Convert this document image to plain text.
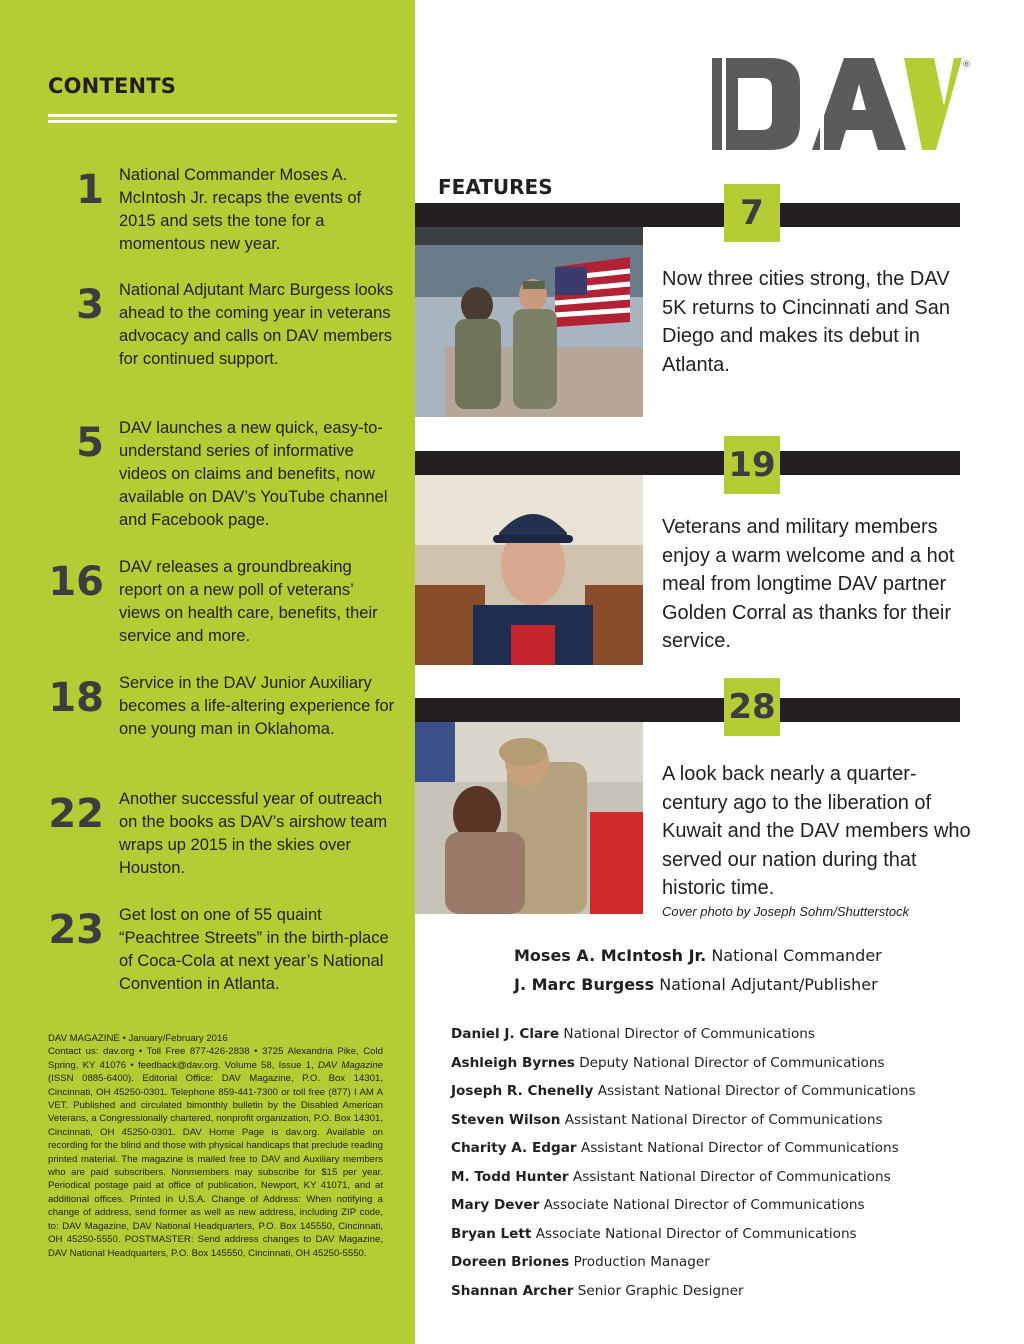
CONTENTS
1 National Commander Moses A. McIntosh Jr. recaps the events of 2015 and sets the tone for a momentous new year.
3 National Adjutant Marc Burgess looks ahead to the coming year in veterans advocacy and calls on DAV members for continued support.
5 DAV launches a new quick, easy-to-understand series of informative videos on claims and benefits, now available on DAV’s YouTube channel and Facebook page.
16 DAV releases a groundbreaking report on a new poll of veterans’ views on health care, benefits, their service and more.
18 Service in the DAV Junior Auxiliary becomes a life-altering experience for one young man in Oklahoma.
22 Another successful year of outreach on the books as DAV’s airshow team wraps up 2015 in the skies over Houston.
23 Get lost on one of 55 quaint “Peachtree Streets” in the birth-place of Coca-Cola at next year’s National Convention in Atlanta.
DAV MAGAZINE • January/February 2016
Contact us: dav.org • Toll Free 877-426-2838 • 3725 Alexandria Pike, Cold Spring, KY 41076 • feedback@dav.org. Volume 58, Issue 1, DAV Magazine (ISSN 0885-6400). Editorial Office: DAV Magazine, P.O. Box 14301, Cincinnati, OH 45250-0301. Telephone 859-441-7300 or toll free (877) I AM A VET. Published and circulated bimonthly bulletin by the Disabled American Veterans, a Congressionally chartered, nonprofit organization, P.O. Box 14301, Cincinnati, OH 45250-0301. DAV Home Page is dav.org. Available on recording for the blind and those with physical handicaps that preclude reading printed material. The magazine is mailed free to DAV and Auxiliary members who are paid subscribers. Nonmembers may subscribe for $15 per year. Periodical postage paid at office of publication, Newport, KY 41071, and at additional offices. Printed in U.S.A. Change of Address: When notifying a change of address, send former as well as new address, including ZIP code, to: DAV Magazine, DAV National Headquarters, P.O. Box 145550, Cincinnati, OH 45250-5550. POSTMASTER: Send address changes to DAV Magazine, DAV National Headquarters, P.O. Box 145550, Cincinnati, OH 45250-5550.
®
FEATURES
7
Now three cities strong, the DAV 5K returns to Cincinnati and San Diego and makes its debut in Atlanta.
19
Veterans and military members enjoy a warm welcome and a hot meal from longtime DAV partner Golden Corral as thanks for their service.
28
A look back nearly a quarter-century ago to the liberation of Kuwait and the DAV members who served our nation during that historic time.
Cover photo by Joseph Sohm/Shutterstock
Moses A. McIntosh Jr. National Commander
J. Marc Burgess National Adjutant/Publisher
Daniel J. Clare National Director of Communications
Ashleigh Byrnes Deputy National Director of Communications
Joseph R. Chenelly Assistant National Director of Communications
Steven Wilson Assistant National Director of Communications
Charity A. Edgar Assistant National Director of Communications
M. Todd Hunter Assistant National Director of Communications
Mary Dever Associate National Director of Communications
Bryan Lett Associate National Director of Communications
Doreen Briones Production Manager
Shannan Archer Senior Graphic Designer
